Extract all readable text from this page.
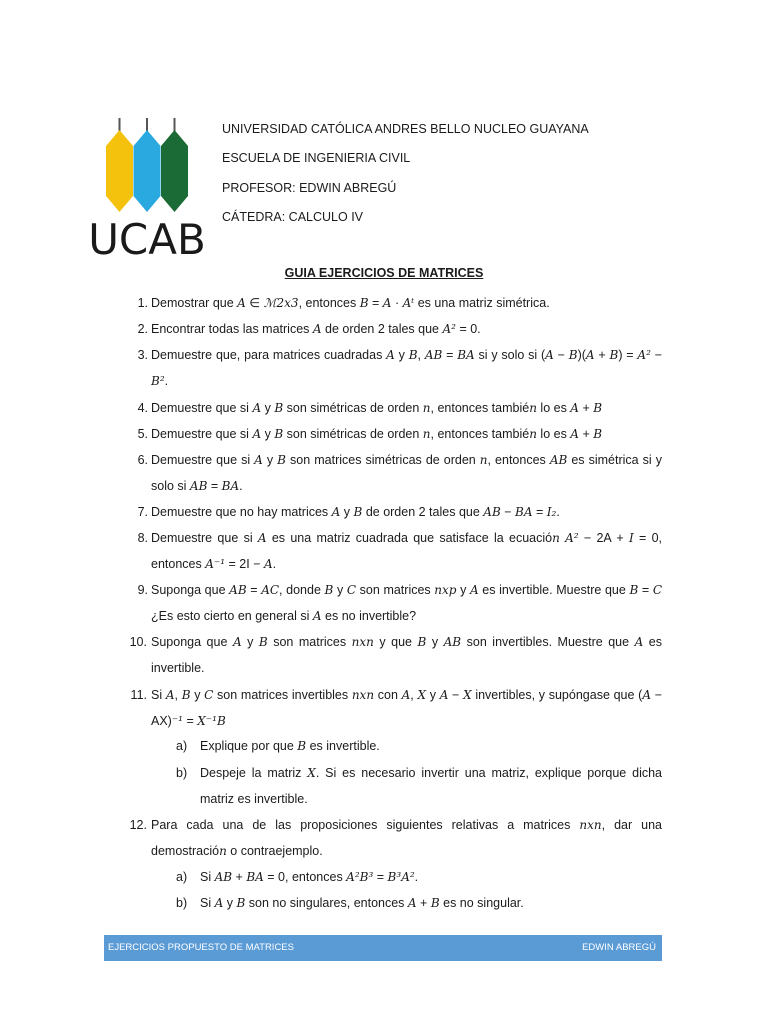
UCAB
UNIVERSIDAD CATÓLICA ANDRES BELLO NUCLEO GUAYANA
ESCUELA DE INGENIERIA CIVIL
PROFESOR: EDWIN ABREGÚ
CÁTEDRA: CALCULO IV
GUIA EJERCICIOS DE MATRICES
1. Demostrar que A ∈ ℳ2x3, entonces B = A · Aᵗ es una matriz simétrica.
2. Encontrar todas las matrices A de orden 2 tales que A² = 0.
3. Demuestre que, para matrices cuadradas A y B, AB = BA si y solo si (A − B)(A + B) = A² − B².
4. Demuestre que si A y B son simétricas de orden n, entonces también lo es A + B
5. Demuestre que si A y B son simétricas de orden n, entonces también lo es A + B
6. Demuestre que si A y B son matrices simétricas de orden n, entonces AB es simétrica si y solo si AB = BA.
7. Demuestre que no hay matrices A y B de orden 2 tales que AB − BA = I₂.
8. Demuestre que si A es una matriz cuadrada que satisface la ecuación A² − 2A + I = 0, entonces A⁻¹ = 2I − A.
9. Suponga que AB = AC, donde B y C son matrices nxp y A es invertible. Muestre que B = C ¿Es esto cierto en general si A es no invertible?
10. Suponga que A y B son matrices nxn y que B y AB son invertibles. Muestre que A es invertible.
11. Si A, B y C son matrices invertibles nxn con A, X y A − X invertibles, y supóngase que (A − AX)⁻¹ = X⁻¹B
a) Explique por que B es invertible.
b) Despeje la matriz X. Si es necesario invertir una matriz, explique porque dicha matriz es invertible.
12. Para cada una de las proposiciones siguientes relativas a matrices nxn, dar una demostración o contraejemplo.
a) Si AB + BA = 0, entonces A²B³ = B³A².
b) Si A y B son no singulares, entonces A + B es no singular.
EJERCICIOS PROPUESTO DE MATRICES	EDWIN ABREGÚ
